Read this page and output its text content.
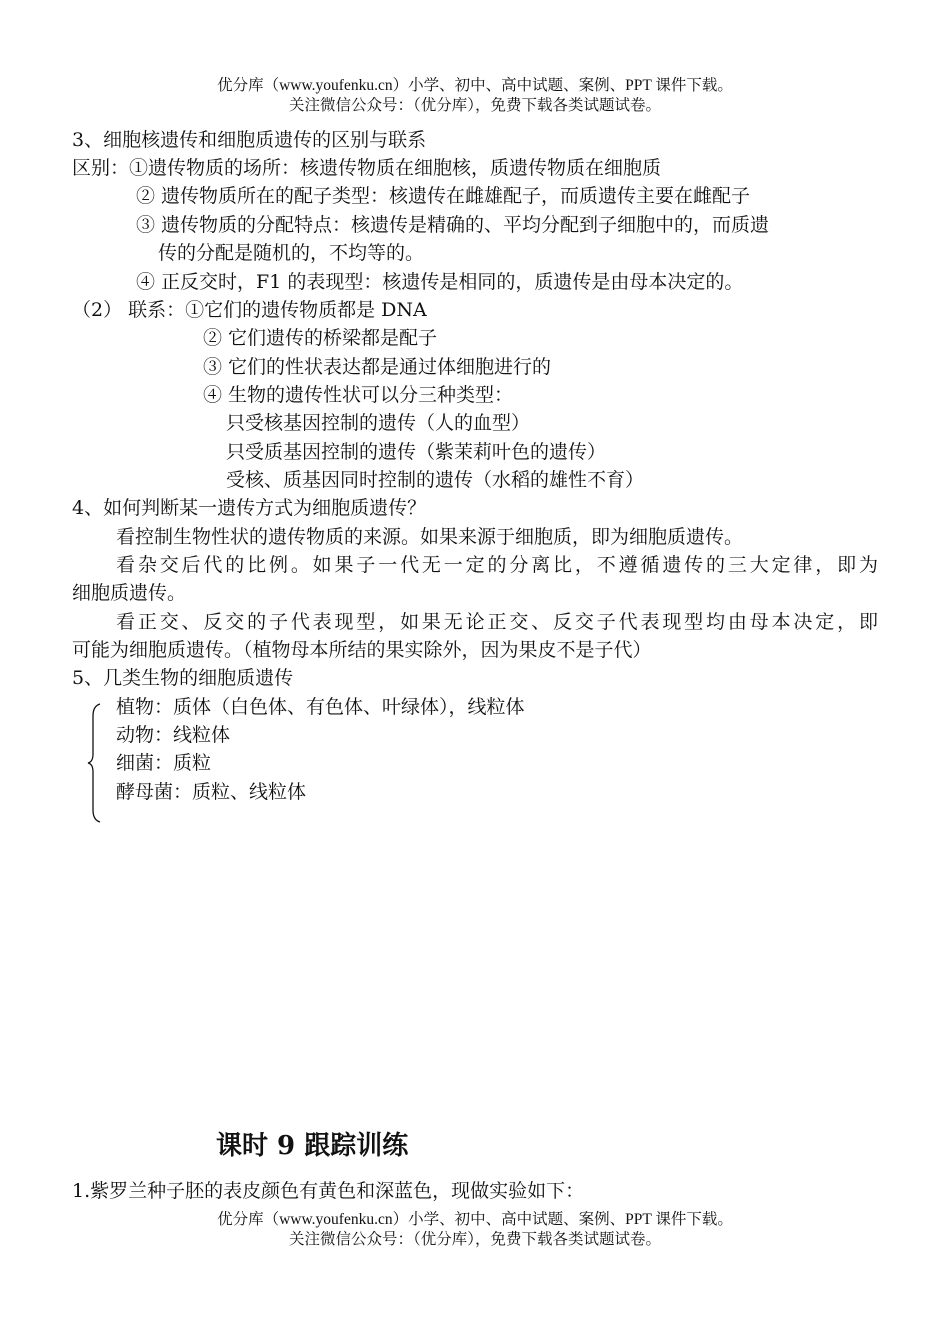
优分库（www.youfenku.cn）小学、初中、高中试题、案例、PPT 课件下载。
关注微信公众号：（优分库），免费下载各类试题试卷。
3、细胞核遗传和细胞质遗传的区别与联系
区别：①遗传物质的场所：核遗传物质在细胞核，质遗传物质在细胞质
② 遗传物质所在的配子类型：核遗传在雌雄配子，而质遗传主要在雌配子
③ 遗传物质的分配特点：核遗传是精确的、平均分配到子细胞中的，而质遗
传的分配是随机的，不均等的。
④ 正反交时，F1 的表现型：核遗传是相同的，质遗传是由母本决定的。
（2） 联系：①它们的遗传物质都是 DNA
② 它们遗传的桥梁都是配子
③ 它们的性状表达都是通过体细胞进行的
④ 生物的遗传性状可以分三种类型：
只受核基因控制的遗传（人的血型）
只受质基因控制的遗传（紫茉莉叶色的遗传）
受核、质基因同时控制的遗传（水稻的雄性不育）
4、如何判断某一遗传方式为细胞质遗传？
看控制生物性状的遗传物质的来源。如果来源于细胞质，即为细胞质遗传。
看杂交后代的比例。如果子一代无一定的分离比，不遵循遗传的三大定律，即为
细胞质遗传。
看正交、反交的子代表现型，如果无论正交、反交子代表现型均由母本决定，即
可能为细胞质遗传。（植物母本所结的果实除外，因为果皮不是子代）
5、几类生物的细胞质遗传
植物：质体（白色体、有色体、叶绿体），线粒体
动物：线粒体
细菌：质粒
酵母菌：质粒、线粒体
课时 9 跟踪训练
1.紫罗兰种子胚的表皮颜色有黄色和深蓝色，现做实验如下：
优分库（www.youfenku.cn）小学、初中、高中试题、案例、PPT 课件下载。
关注微信公众号：（优分库），免费下载各类试题试卷。
